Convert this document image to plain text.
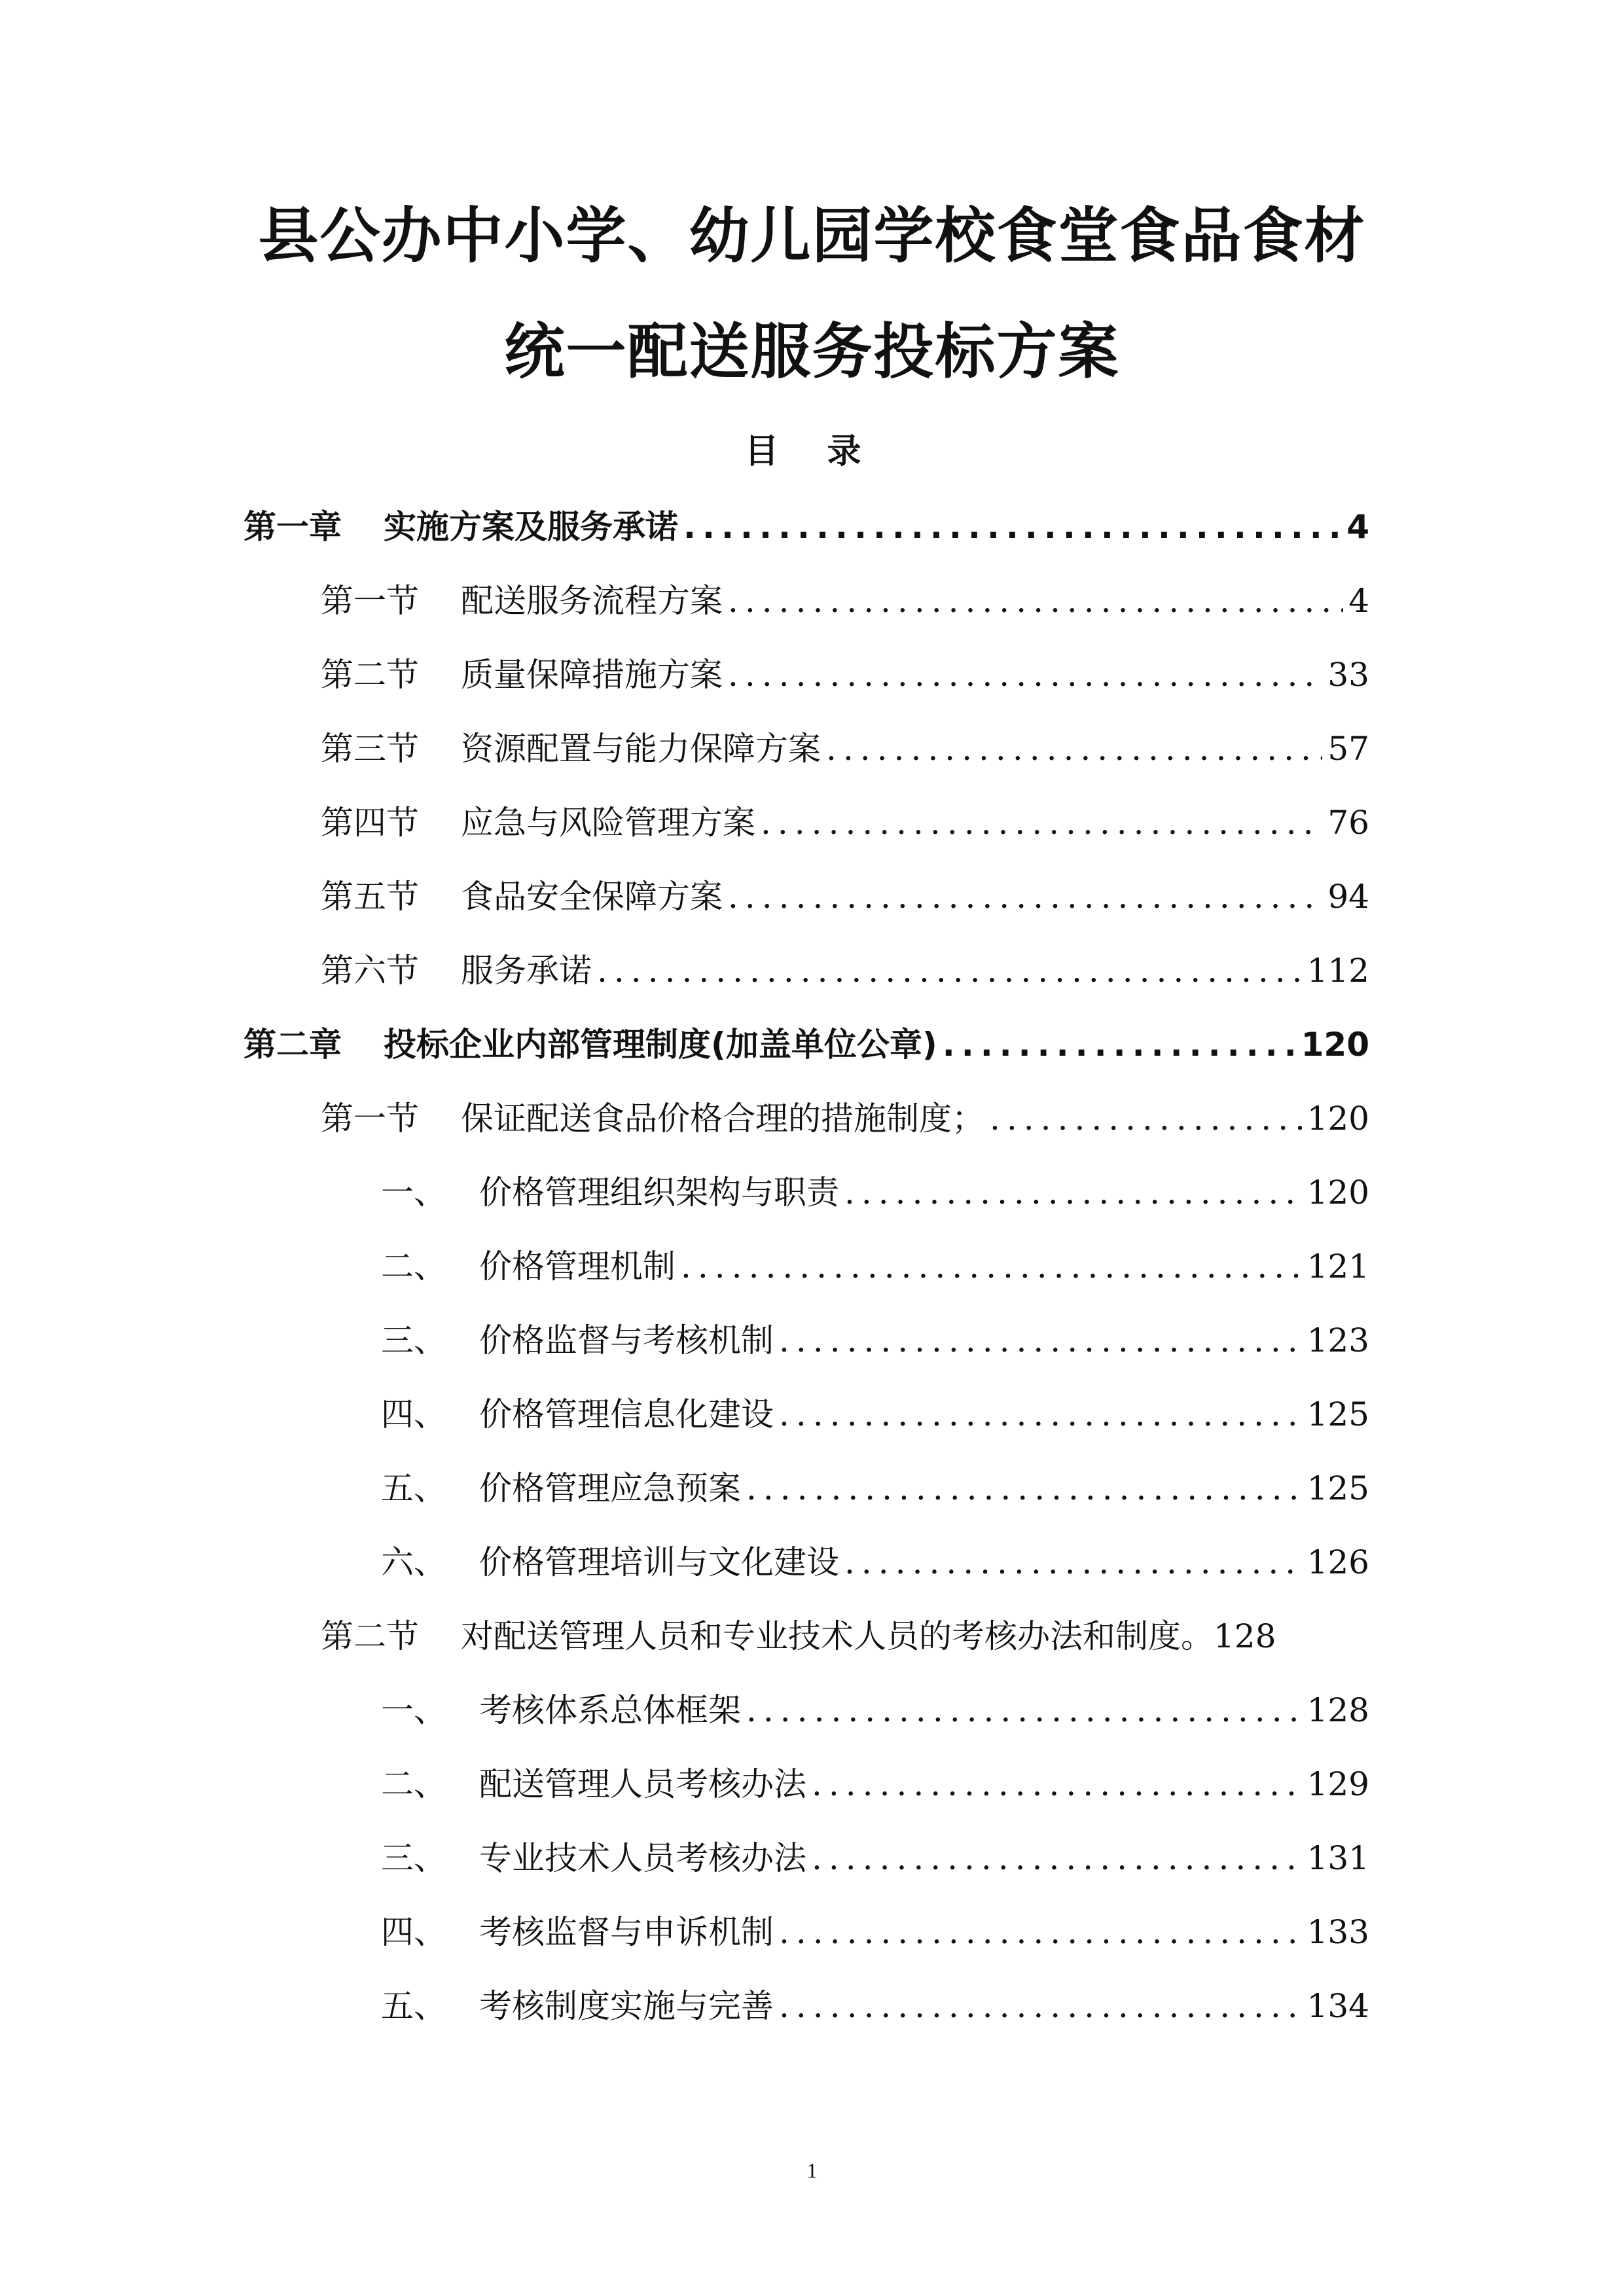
县公办中小学、幼儿园学校食堂食品食材
统一配送服务投标方案
目 录
第一章	实施方案及服务承诺 .....	4
第一节	配送服务流程方案 .....	4
第二节	质量保障措施方案 .....	33
第三节	资源配置与能力保障方案 .....	57
第四节	应急与风险管理方案 .....	76
第五节	食品安全保障方案 .....	94
第六节	服务承诺 .....	112
第二章	投标企业内部管理制度(加盖单位公章) .....	120
第一节	保证配送食品价格合理的措施制度； .....	120
一、	价格管理组织架构与职责 .....	120
二、	价格管理机制 .....	121
三、	价格监督与考核机制 .....	123
四、	价格管理信息化建设 .....	125
五、	价格管理应急预案 .....	125
六、	价格管理培训与文化建设 .....	126
第二节	对配送管理人员和专业技术人员的考核办法和制度。 128
一、	考核体系总体框架 .....	128
二、	配送管理人员考核办法 .....	129
三、	专业技术人员考核办法 .....	131
四、	考核监督与申诉机制 .....	133
五、	考核制度实施与完善 .....	134
1
